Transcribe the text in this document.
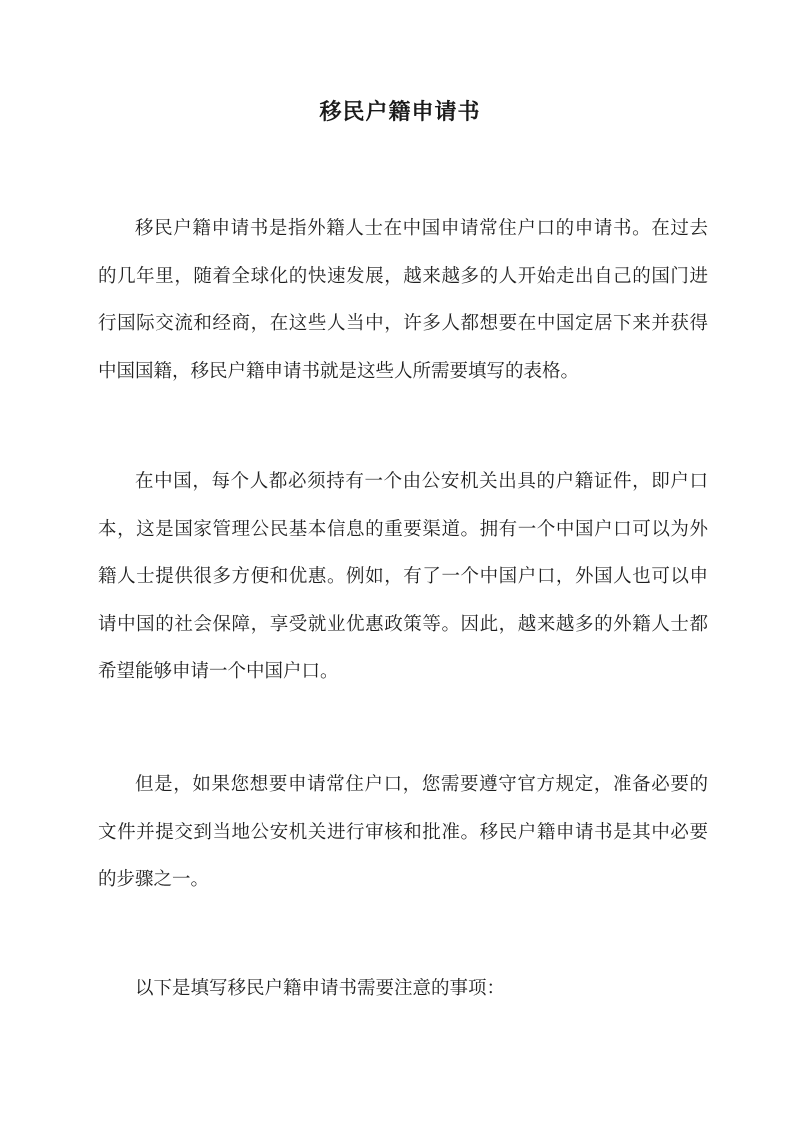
移民户籍申请书

移民户籍申请书是指外籍人士在中国申请常住户口的申请书。在过去的几年里，随着全球化的快速发展，越来越多的人开始走出自己的国门进行国际交流和经商，在这些人当中，许多人都想要在中国定居下来并获得中国国籍，移民户籍申请书就是这些人所需要填写的表格。

在中国，每个人都必须持有一个由公安机关出具的户籍证件，即户口本，这是国家管理公民基本信息的重要渠道。拥有一个中国户口可以为外籍人士提供很多方便和优惠。例如，有了一个中国户口，外国人也可以申请中国的社会保障，享受就业优惠政策等。因此，越来越多的外籍人士都希望能够申请一个中国户口。

但是，如果您想要申请常住户口，您需要遵守官方规定，准备必要的文件并提交到当地公安机关进行审核和批准。移民户籍申请书是其中必要的步骤之一。

以下是填写移民户籍申请书需要注意的事项：
